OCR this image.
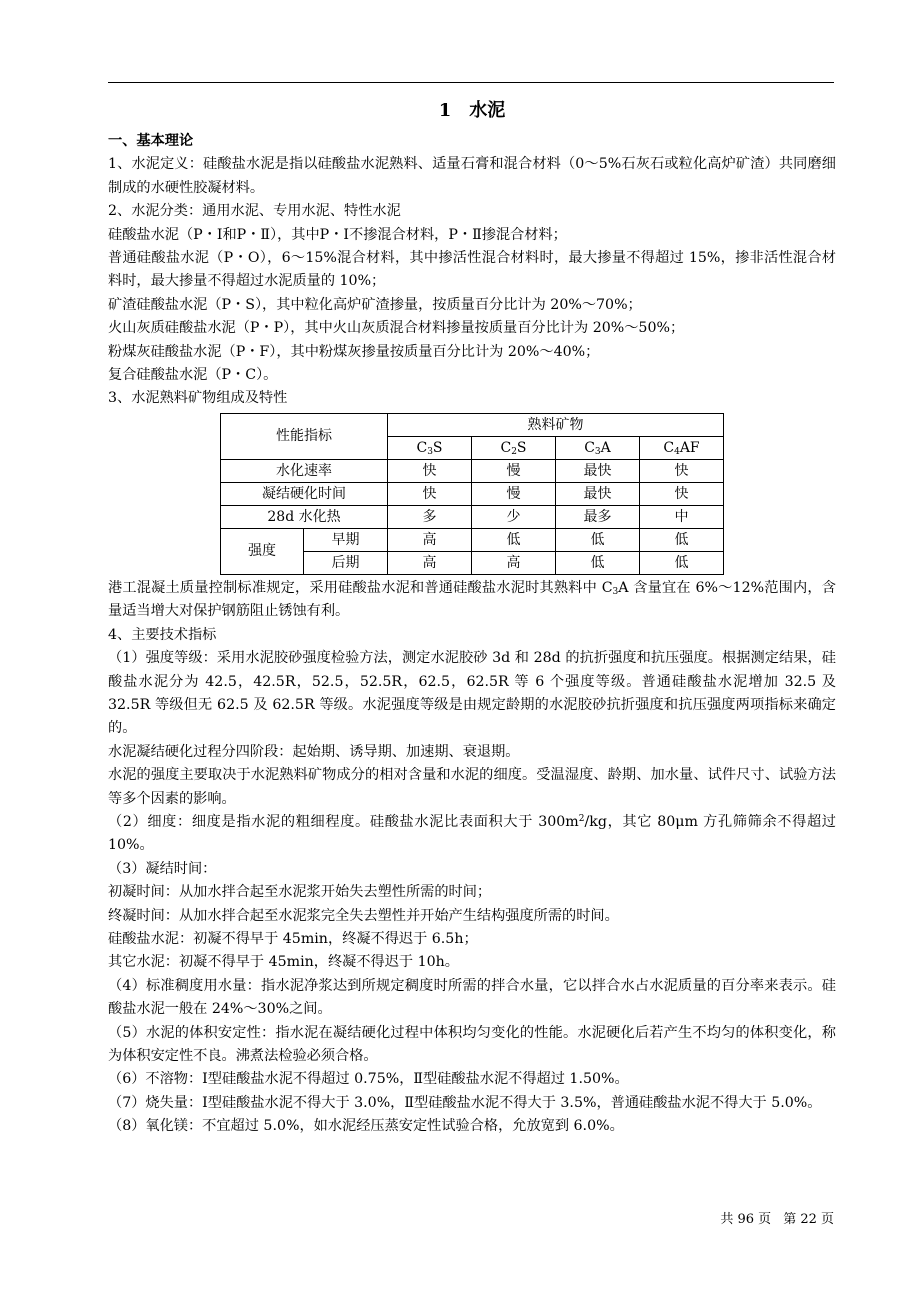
1 水泥
一、基本理论

1、水泥定义：硅酸盐水泥是指以硅酸盐水泥熟料、适量石膏和混合材料（0～5%石灰石或粒化高炉矿渣）共同磨细制成的水硬性胶凝材料。

2、水泥分类：通用水泥、专用水泥、特性水泥

硅酸盐水泥（P・Ⅰ和P・Ⅱ），其中P・Ⅰ不掺混合材料，P・Ⅱ掺混合材料；

普通硅酸盐水泥（P・O），6～15%混合材料，其中掺活性混合材料时，最大掺量不得超过 15%，掺非活性混合材料时，最大掺量不得超过水泥质量的 10%；

矿渣硅酸盐水泥（P・S），其中粒化高炉矿渣掺量，按质量百分比计为 20%～70%；

火山灰质硅酸盐水泥（P・P），其中火山灰质混合材料掺量按质量百分比计为 20%～50%；

粉煤灰硅酸盐水泥（P・F），其中粉煤灰掺量按质量百分比计为 20%～40%；

复合硅酸盐水泥（P・C）。

3、水泥熟料矿物组成及特性

性能指标		熟料矿物			
		$C_3S$	$C_2S$	$C_3A$	$C_4AF$
水化速率		快	慢	最快	快
凝结硬化时间		快	慢	最快	快
28d 水化热		多	少	最多	中
强度	早期	高	低	低	低
	后期	高	高	低	低

港工混凝土质量控制标准规定，采用硅酸盐水泥和普通硅酸盐水泥时其熟料中 $C_3A$ 含量宜在 6%～12%范围内，含量适当增大对保护钢筋阻止锈蚀有利。

4、主要技术指标

（1）强度等级：采用水泥胶砂强度检验方法，测定水泥胶砂 3d 和 28d 的抗折强度和抗压强度。根据测定结果，硅酸盐水泥分为 42.5，42.5R，52.5，52.5R，62.5，62.5R 等 6 个强度等级。普通硅酸盐水泥增加 32.5 及 32.5R 等级但无 62.5 及 62.5R 等级。水泥强度等级是由规定龄期的水泥胶砂抗折强度和抗压强度两项指标来确定的。

水泥凝结硬化过程分四阶段：起始期、诱导期、加速期、衰退期。

水泥的强度主要取决于水泥熟料矿物成分的相对含量和水泥的细度。受温湿度、龄期、加水量、试件尺寸、试验方法等多个因素的影响。

（2）细度：细度是指水泥的粗细程度。硅酸盐水泥比表面积大于 $300m^2/kg$，其它 80μm 方孔筛筛余不得超过 10%。

（3）凝结时间：

初凝时间：从加水拌合起至水泥浆开始失去塑性所需的时间；

终凝时间：从加水拌合起至水泥浆完全失去塑性并开始产生结构强度所需的时间。

硅酸盐水泥：初凝不得早于 45min，终凝不得迟于 6.5h；

其它水泥：初凝不得早于 45min，终凝不得迟于 10h。

（4）标准稠度用水量：指水泥净浆达到所规定稠度时所需的拌合水量，它以拌合水占水泥质量的百分率来表示。硅酸盐水泥一般在 24%～30%之间。

（5）水泥的体积安定性：指水泥在凝结硬化过程中体积均匀变化的性能。水泥硬化后若产生不均匀的体积变化，称为体积安定性不良。沸煮法检验必须合格。

（6）不溶物：Ⅰ型硅酸盐水泥不得超过 0.75%，Ⅱ型硅酸盐水泥不得超过 1.50%。

（7）烧失量：Ⅰ型硅酸盐水泥不得大于 3.0%，Ⅱ型硅酸盐水泥不得大于 3.5%，普通硅酸盐水泥不得大于 5.0%。

（8）氧化镁：不宜超过 5.0%，如水泥经压蒸安定性试验合格，允放宽到 6.0%。

共 96 页 第 22 页
